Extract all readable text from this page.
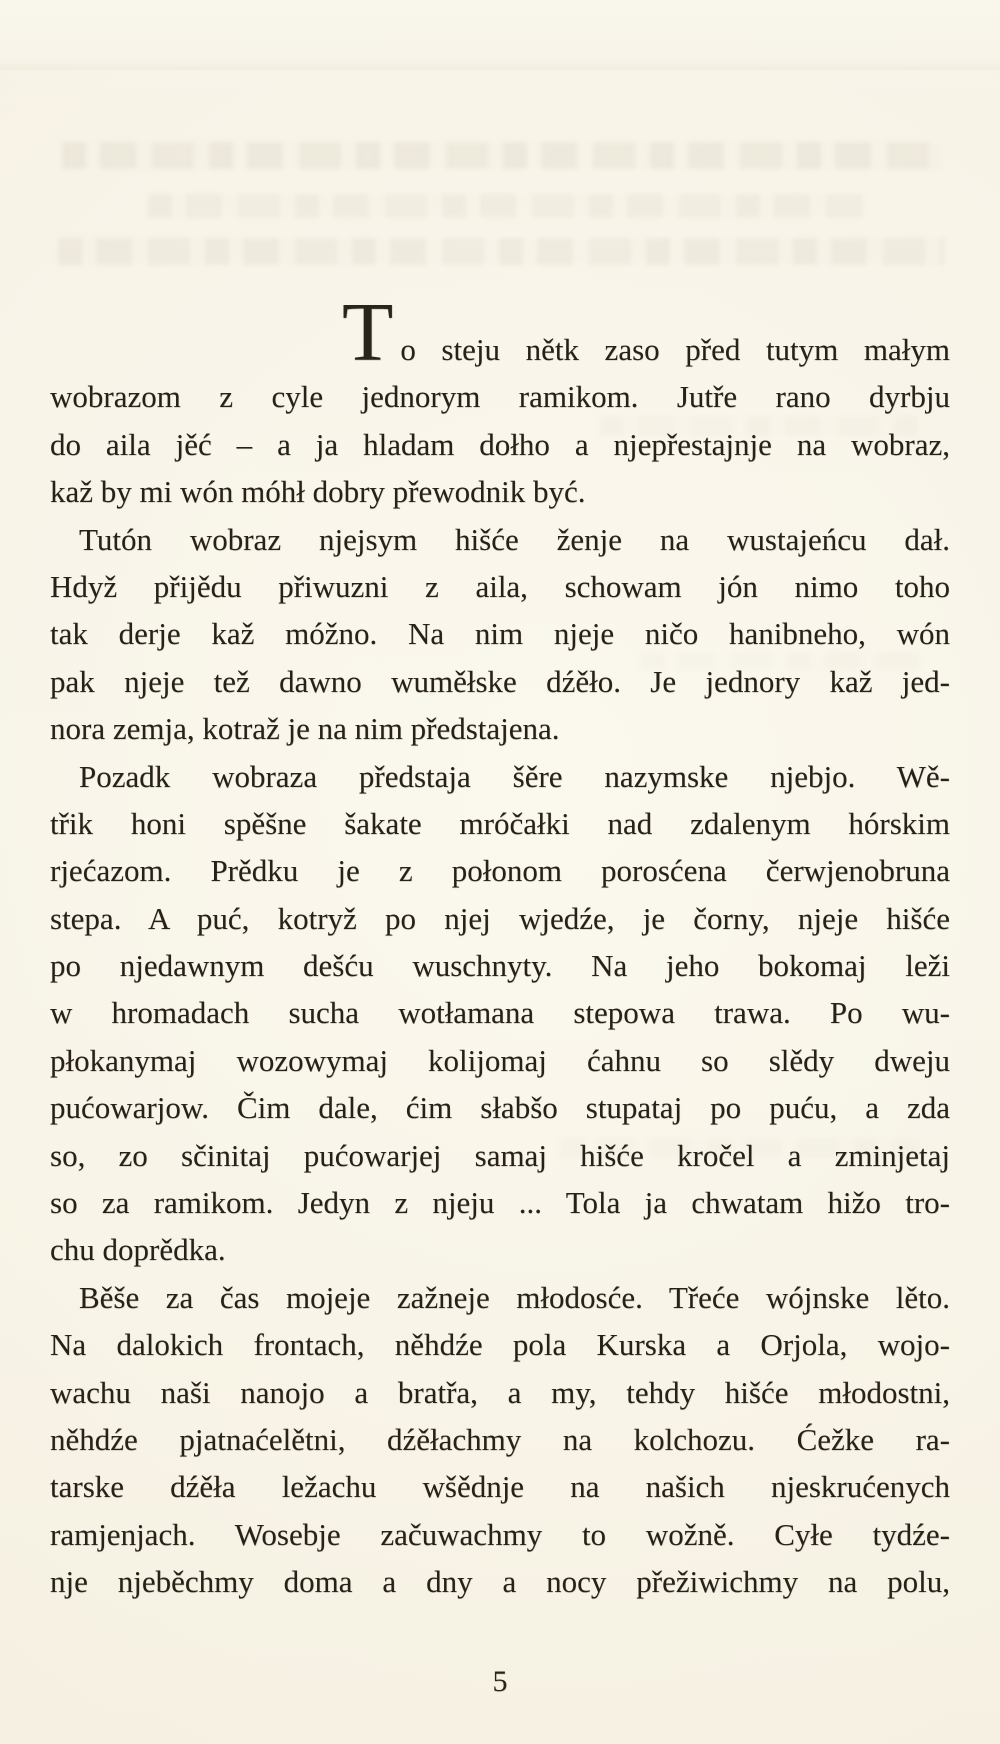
To steju nětk zaso před tutym małym
wobrazom z cyle jednorym ramikom. Jutře rano dyrbju
do aila jěć – a ja hladam dołho a njepřestajnje na wobraz,
kaž by mi wón móhł dobry přewodnik być.
Tutón wobraz njejsym hišće ženje na wustajeńcu dał.
Hdyž přijědu přiwuzni z aila, schowam jón nimo toho
tak derje kaž móžno. Na nim njeje ničo hanibneho, wón
pak njeje tež dawno wuměłske dźěło. Je jednory kaž jed-
nora zemja, kotraž je na nim předstajena.
Pozadk wobraza předstaja šěre nazymske njebjo. Wě-
třik honi spěšne šakate mróčałki nad zdalenym hórskim
rjećazom. Prědku je z połonom porosćena čerwjenobruna
stepa. A puć, kotryž po njej wjedźe, je čorny, njeje hišće
po njedawnym dešću wuschnyty. Na jeho bokomaj leži
w hromadach sucha wotłamana stepowa trawa. Po wu-
płokanymaj wozowymaj kolijomaj ćahnu so slědy dweju
pućowarjow. Čim dale, ćim słabšo stupataj po puću, a zda
so, zo sčinitaj pućowarjej samaj hišće kročel a zminjetaj
so za ramikom. Jedyn z njeju ... Tola ja chwatam hižo tro-
chu doprědka.
Běše za čas mojeje zažneje młodosće. Třeće wójnske lěto.
Na dalokich frontach, něhdźe pola Kurska a Orjola, wojo-
wachu naši nanojo a bratřa, a my, tehdy hišće młodostni,
něhdźe pjatnaćelětni, dźěłachmy na kolchozu. Ćežke ra-
tarske dźěła ležachu wšědnje na našich njeskrućenych
ramjenjach. Wosebje začuwachmy to wožně. Cyłe tydźe-
nje njeběchmy doma a dny a nocy přežiwichmy na polu,
5
